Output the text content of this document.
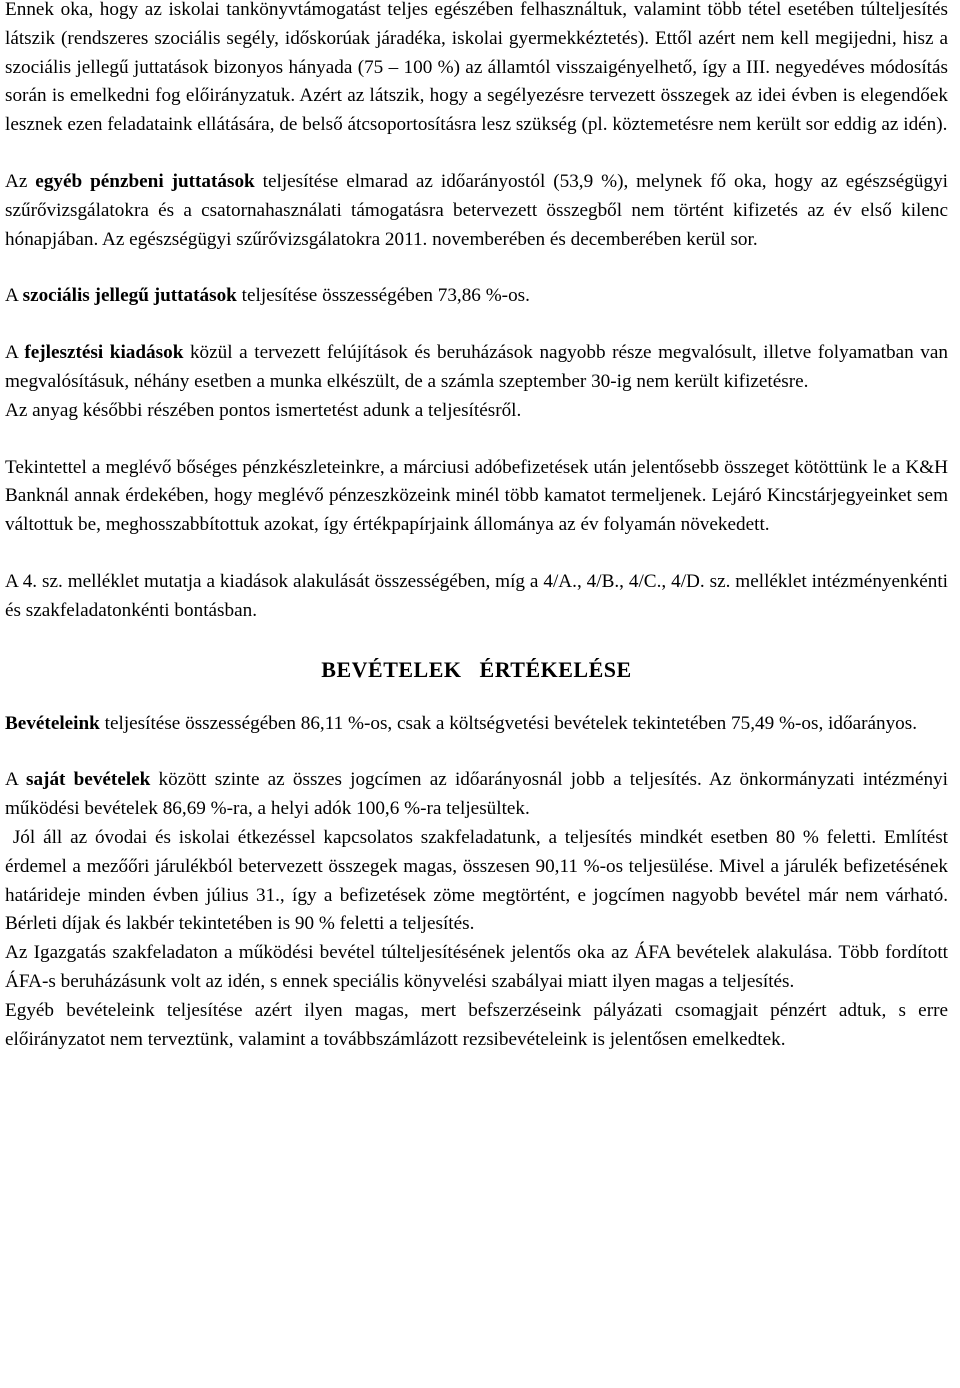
Ennek oka, hogy az iskolai tankönyvtámogatást teljes egészében felhasználtuk, valamint több tétel esetében túlteljesítés látszik (rendszeres szociális segély, időskorúak járadéka, iskolai gyermekkéztetés). Ettől azért nem kell megijedni, hisz a szociális jellegű juttatások bizonyos hányada (75 – 100 %) az államtól visszaigényelhető, így a III. negyedéves módosítás során is emelkedni fog előirányzatuk. Azért az látszik, hogy a segélyezésre tervezett összegek az idei évben is elegendőek lesznek ezen feladataink ellátására, de belső átcsoportosításra lesz szükség (pl. köztemetésre nem került sor eddig az idén).

Az egyéb pénzbeni juttatások teljesítése elmarad az időarányostól (53,9 %), melynek fő oka, hogy az egészségügyi szűrővizsgálatokra és a csatornahasználati támogatásra betervezett összegből nem történt kifizetés az év első kilenc hónapjában. Az egészségügyi szűrővizsgálatokra 2011. novemberében és decemberében kerül sor.

A szociális jellegű juttatások teljesítése összességében 73,86 %-os.

A fejlesztési kiadások közül a tervezett felújítások és beruházások nagyobb része megvalósult, illetve folyamatban van megvalósításuk, néhány esetben a munka elkészült, de a számla szeptember 30-ig nem került kifizetésre.

Az anyag későbbi részében pontos ismertetést adunk a teljesítésről.

Tekintettel a meglévő bőséges pénzkészleteinkre, a márciusi adóbefizetések után jelentősebb összeget kötöttünk le a K&H Banknál annak érdekében, hogy meglévő pénzeszközeink minél több kamatot termeljenek. Lejáró Kincstárjegyeinket sem váltottuk be, meghosszabbítottuk azokat, így értékpapírjaink állománya az év folyamán növekedett.

A 4. sz. melléklet mutatja a kiadások alakulását összességében, míg a 4/A., 4/B., 4/C., 4/D. sz. melléklet intézményenkénti és szakfeladatonkénti bontásban.

BEVÉTELEK   ÉRTÉKELÉSE

Bevételeink teljesítése összességében 86,11 %-os, csak a költségvetési bevételek tekintetében 75,49 %-os, időarányos.

A saját bevételek között szinte az összes jogcímen az időarányosnál jobb a teljesítés. Az önkormányzati intézményi működési bevételek 86,69 %-ra, a helyi adók 100,6 %-ra teljesültek.

Jól áll az óvodai és iskolai étkezéssel kapcsolatos szakfeladatunk, a teljesítés mindkét esetben 80 % feletti. Említést érdemel a mezőőri járulékból betervezett összegek magas, összesen 90,11 %-os teljesülése. Mivel a járulék befizetésének határideje minden évben július 31., így a befizetések zöme megtörtént, e jogcímen nagyobb bevétel már nem várható. Bérleti díjak és lakbér tekintetében is 90 % feletti a teljesítés.

Az Igazgatás szakfeladaton a működési bevétel túlteljesítésének jelentős oka az ÁFA bevételek alakulása. Több fordított ÁFA-s beruházásunk volt az idén, s ennek speciális könyvelési szabályai miatt ilyen magas a teljesítés.

Egyéb bevételeink teljesítése azért ilyen magas, mert befszerzéseink pályázati csomagjait pénzért adtuk, s erre előirányzatot nem terveztünk, valamint a továbbszámlázott rezsibevételeink is jelentősen emelkedtek.
